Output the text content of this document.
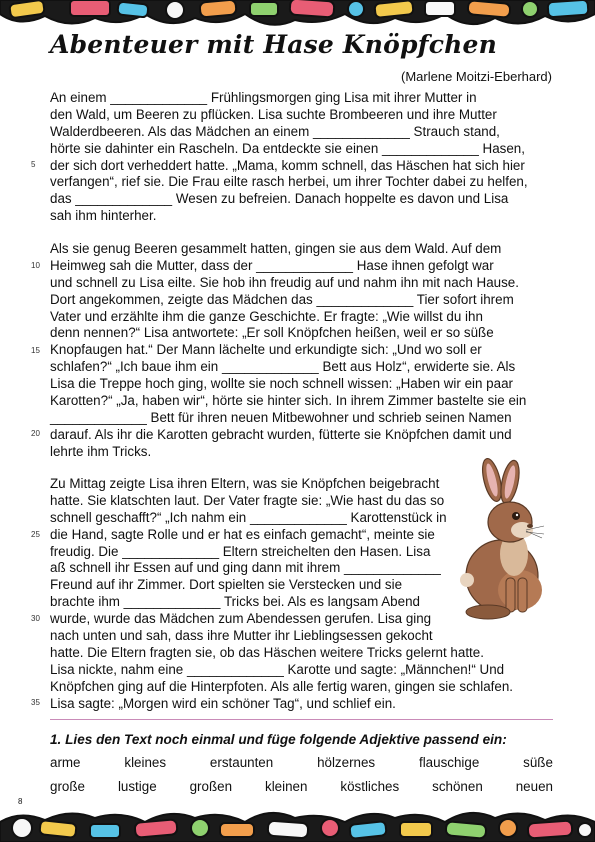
Abenteuer mit Hase Knöpfchen
(Marlene Moitzi-Eberhard)
An einem _____________ Frühlingsmorgen ging Lisa mit ihrer Mutter in
den Wald, um Beeren zu pflücken. Lisa suchte Brombeeren und ihre Mutter
Walderdbeeren. Als das Mädchen an einem _____________ Strauch stand,
hörte sie dahinter ein Rascheln. Da entdeckte sie einen _____________ Hasen,
der sich dort verheddert hatte. „Mama, komm schnell, das Häschen hat sich hier
verfangen“, rief sie. Die Frau eilte rasch herbei, um ihrer Tochter dabei zu helfen,
das _____________ Wesen zu befreien. Danach hoppelte es davon und Lisa
sah ihm hinterher.
Als sie genug Beeren gesammelt hatten, gingen sie aus dem Wald. Auf dem
Heimweg sah die Mutter, dass der _____________ Hase ihnen gefolgt war
und schnell zu Lisa eilte. Sie hob ihn freudig auf und nahm ihn mit nach Hause.
Dort angekommen, zeigte das Mädchen das _____________ Tier sofort ihrem
Vater und erzählte ihm die ganze Geschichte. Er fragte: „Wie willst du ihn
denn nennen?“ Lisa antwortete: „Er soll Knöpfchen heißen, weil er so süße
Knopfaugen hat.“ Der Mann lächelte und erkundigte sich: „Und wo soll er
schlafen?“ „Ich baue ihm ein _____________ Bett aus Holz“, erwiderte sie. Als
Lisa die Treppe hoch ging, wollte sie noch schnell wissen: „Haben wir ein paar
Karotten?“ „Ja, haben wir“, hörte sie hinter sich. In ihrem Zimmer bastelte sie ein
_____________ Bett für ihren neuen Mitbewohner und schrieb seinen Namen
darauf. Als ihr die Karotten gebracht wurden, fütterte sie Knöpfchen damit und
lehrte ihm Tricks.
Zu Mittag zeigte Lisa ihren Eltern, was sie Knöpfchen beigebracht
hatte. Sie klatschten laut. Der Vater fragte sie: „Wie hast du das so
schnell geschafft?“ „Ich nahm ein _____________ Karottenstück in
die Hand, sagte Rolle und er hat es einfach gemacht“, meinte sie
freudig. Die _____________ Eltern streichelten den Hasen. Lisa
aß schnell ihr Essen auf und ging dann mit ihrem _____________
Freund auf ihr Zimmer. Dort spielten sie Verstecken und sie
brachte ihm _____________ Tricks bei. Als es langsam Abend
wurde, wurde das Mädchen zum Abendessen gerufen. Lisa ging
nach unten und sah, dass ihre Mutter ihr Lieblingsessen gekocht
hatte. Die Eltern fragten sie, ob das Häschen weitere Tricks gelernt hatte.
Lisa nickte, nahm eine _____________ Karotte und sagte: „Männchen!“ Und
Knöpfchen ging auf die Hinterpfoten. Als alle fertig waren, gingen sie schlafen.
Lisa sagte: „Morgen wird ein schöner Tag“, und schlief ein.
5
10
15
20
25
30
35
1. Lies den Text noch einmal und füge folgende Adjektive passend ein:
arme	kleines	erstaunten	hölzernes	flauschige	süße
große lustige großen kleinen köstliches schönen neuen
8
